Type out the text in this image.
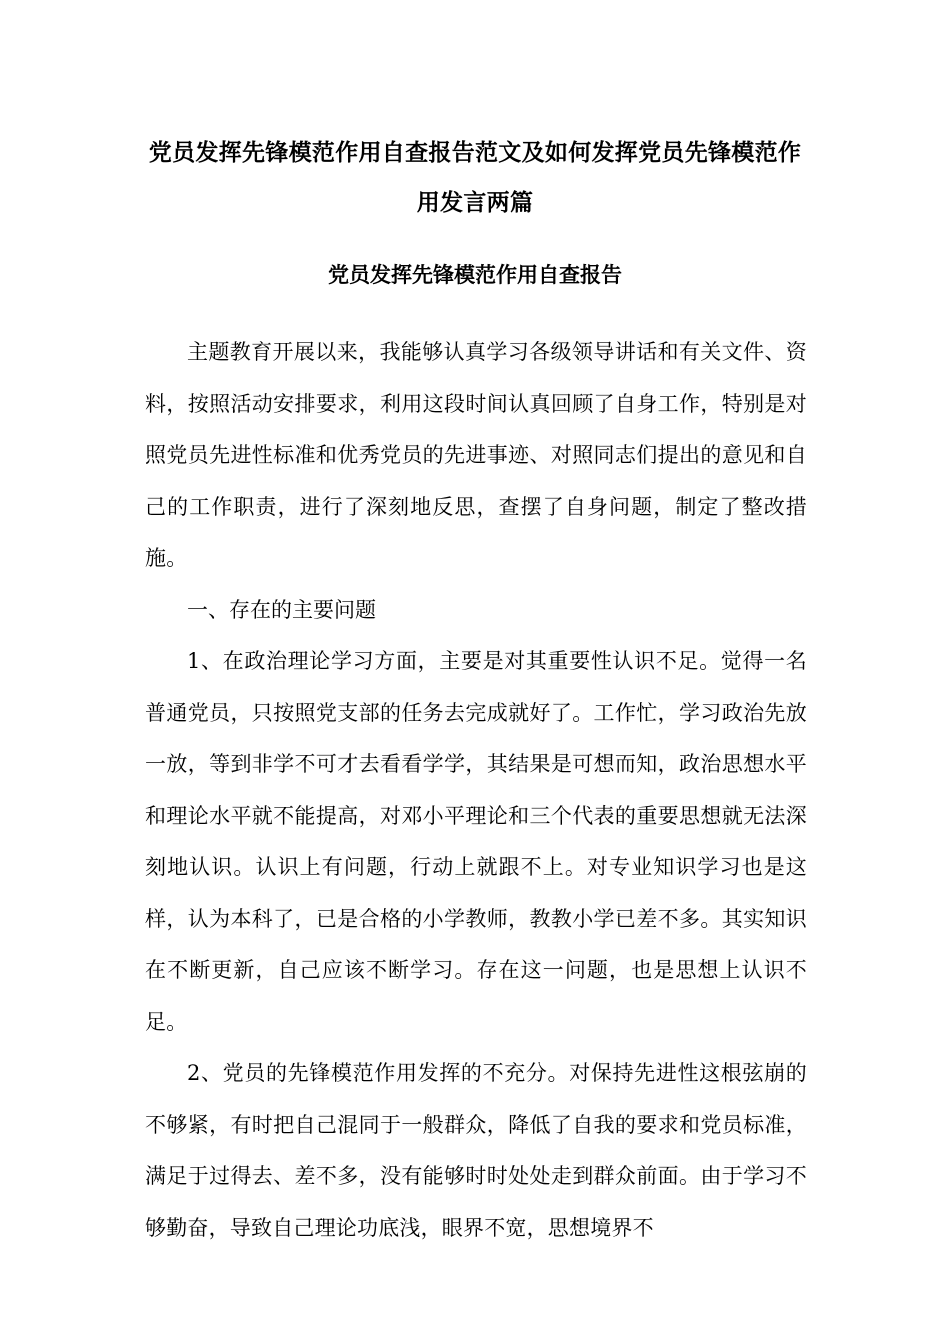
党员发挥先锋模范作用自查报告范文及如何发挥党员先锋模范作用发言两篇
党员发挥先锋模范作用自查报告

主题教育开展以来，我能够认真学习各级领导讲话和有关文件、资料，按照活动安排要求，利用这段时间认真回顾了自身工作，特别是对照党员先进性标准和优秀党员的先进事迹、对照同志们提出的意见和自己的工作职责，进行了深刻地反思，查摆了自身问题，制定了整改措施。

一、存在的主要问题

1、在政治理论学习方面，主要是对其重要性认识不足。觉得一名普通党员，只按照党支部的任务去完成就好了。工作忙，学习政治先放一放，等到非学不可才去看看学学，其结果是可想而知，政治思想水平和理论水平就不能提高，对邓小平理论和三个代表的重要思想就无法深刻地认识。认识上有问题，行动上就跟不上。对专业知识学习也是这样，认为本科了，已是合格的小学教师，教教小学已差不多。其实知识在不断更新，自己应该不断学习。存在这一问题，也是思想上认识不足。

2、党员的先锋模范作用发挥的不充分。对保持先进性这根弦崩的不够紧，有时把自己混同于一般群众，降低了自我的要求和党员标准，满足于过得去、差不多，没有能够时时处处走到群众前面。由于学习不够勤奋，导致自己理论功底浅，眼界不宽，思想境界不
